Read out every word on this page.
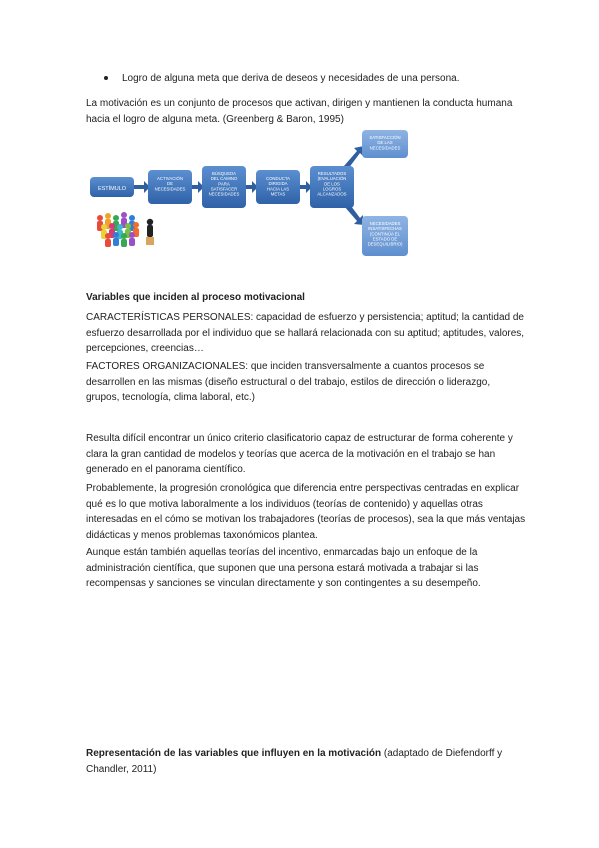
Logro de alguna meta que deriva de deseos y necesidades de una persona.

La motivación es un conjunto de procesos que activan, dirigen y mantienen la conducta humana hacia el logro de alguna meta. (Greenberg & Baron, 1995)

ESTÍMULO
ACTIVACIÓN DE NECESIDADES
BÚSQUEDA DEL CAMINO PARA SATISFACER NECESIDADES
CONDUCTA DIRIGIDA HACIA LAS METAS
RESULTADOS (EVALUACIÓN DE LOS LOGROS ALCANZADOS
SATISFACCIÓN DE LAS NECESIDADES
NECESIDADES INSATISFECHAS (CONTINÚA EL ESTADO DE DESEQUILIBRIO)

Variables que inciden al proceso motivacional

CARACTERÍSTICAS PERSONALES: capacidad de esfuerzo y persistencia; aptitud; la cantidad de esfuerzo desarrollada por el individuo que se hallará relacionada con su aptitud; aptitudes, valores, percepciones, creencias…

FACTORES ORGANIZACIONALES: que inciden transversalmente a cuantos procesos se desarrollen en las mismas (diseño estructural o del trabajo, estilos de dirección o liderazgo, grupos, tecnología, clima laboral, etc.)

Resulta difícil encontrar un único criterio clasificatorio capaz de estructurar de forma coherente y clara la gran cantidad de modelos y teorías que acerca de la motivación en el trabajo se han generado en el panorama científico.

Probablemente, la progresión cronológica que diferencia entre perspectivas centradas en explicar qué es lo que motiva laboralmente a los individuos (teorías de contenido) y aquellas otras interesadas en el cómo se motivan los trabajadores (teorías de procesos), sea la que más ventajas didácticas y menos problemas taxonómicos plantea.

Aunque están también aquellas teorías del incentivo, enmarcadas bajo un enfoque de la administración científica, que suponen que una persona estará motivada a trabajar si las recompensas y sanciones se vinculan directamente y son contingentes a su desempeño.

Representación de las variables que influyen en la motivación (adaptado de Diefendorff y Chandler, 2011)
